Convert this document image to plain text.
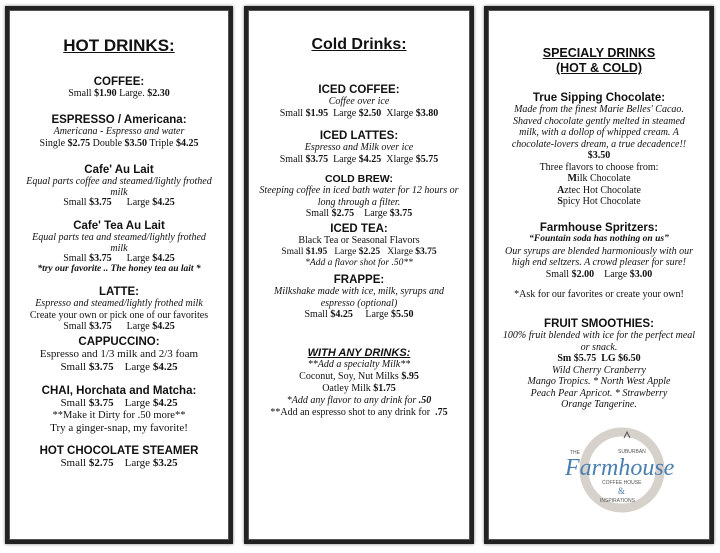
HOT DRINKS:
COFFEE:
Small $1.90 Large. $2.30
ESPRESSO / Americana:
Americana - Espresso and water
Single $2.75 Double $3.50 Triple $4.25
Cafe' Au Lait
Equal parts coffee and steamed/lightly frothed
milk
Small $3.75 Large $4.25
Cafe' Tea Au Lait
Equal parts tea and steamed/lightly frothed
milk
Small $3.75 Large $4.25
*try our favorite .. The honey tea au lait *
LATTE:
Espresso and steamed/lightly frothed milk
Create your own or pick one of our favorites
Small $3.75 Large $4.25
CAPPUCCINO:
Espresso and 1/3 milk and 2/3 foam
Small $3.75 Large $4.25
CHAI, Horchata and Matcha:
Small $3.75 Large $4.25
**Make it Dirty for .50 more**
Try a ginger-snap, my favorite!
HOT CHOCOLATE STEAMER
Small $2.75 Large $3.25
Cold Drinks:
ICED COFFEE:
Coffee over ice
Small $1.95 Large $2.50 Xlarge $3.80
ICED LATTES:
Espresso and Milk over ice
Small $3.75 Large $4.25 Xlarge $5.75
COLD BREW:
Steeping coffee in iced bath water for 12 hours or
long through a filter.
Small $2.75 Large $3.75
ICED TEA:
Black Tea or Seasonal Flavors
Small $1.95 Large $2.25 Xlarge $3.75
*Add a flavor shot for .50**
FRAPPE:
Milkshake made with ice, milk, syrups and
espresso (optional)
Small $4.25 Large $5.50
WITH ANY DRINKS:
**Add a specialty Milk**
Coconut, Soy, Nut Milks $.95
Oatley Milk $1.75
*Add any flavor to any drink for .50
**Add an espresso shot to any drink for .75
SPECIALY DRINKS
(HOT & COLD)
True Sipping Chocolate:
Made from the finest Marie Belles' Cacao.
Shaved chocolate gently melted in steamed
milk, with a dollop of whipped cream. A
chocolate-lovers dream, a true decadence!!
$3.50
Three flavors to choose from:
Milk Chocolate
Aztec Hot Chocolate
Spicy Hot Chocolate
Farmhouse Spritzers:
“Fountain soda has nothing on us”
Our syrups are blended harmoniously with our
high end seltzers. A crowd pleaser for sure!
Small $2.00 Large $3.00
*Ask for our favorites or create your own!
FRUIT SMOOTHIES:
100% fruit blended with ice for the perfect meal
or snack.
Sm $5.75 LG $6.50
Wild Cherry Cranberry
Mango Tropics. * North West Apple
Peach Pear Apricot. * Strawberry
Orange Tangerine.
THE	SUBURBAN
Farmhouse
COFFEE HOUSE
&
INSPIRATIONS
